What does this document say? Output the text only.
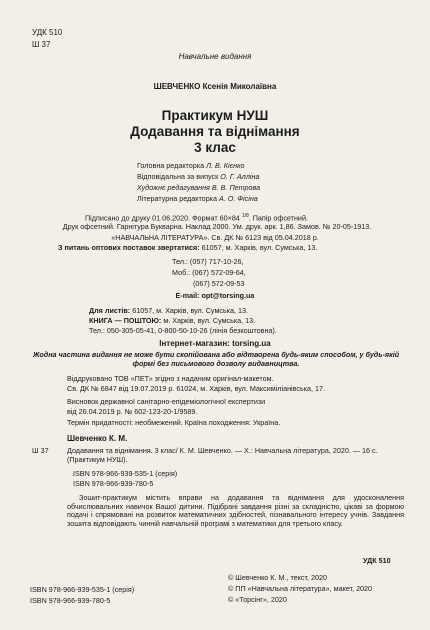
УДК 510
Ш 37
Навчальне видання
ШЕВЧЕНКО Ксенія Миколаївна
Практикум НУШ
Додавання та віднімання
3 клас
Головна редакторка Л. В. Кієнко
Відповідальна за випуск О. Г. Алліна
Художнє редагування В. В. Петрова
Літературна редакторка А. О. Фісіна
Підписано до друку 01.06.2020. Формат 60×84 $^{1/8}$. Папір офсетний.
Друк офсетний. Гарнітура Букварна. Наклад 2000. Ум. друк. арк. 1,86. Замов. № 20-05-1913.
«НАВЧАЛЬНА ЛІТЕРАТУРА». Св. ДК № 6123 від 05.04.2018 р.
З питань оптових поставок звертатися: 61057, м. Харків, вул. Сумська, 13.
Тел.: (057) 717-10-26,
Моб.: (067) 572-09-64,
(067) 572-09-53
E-mail: opt@torsing.ua
Для листів: 61057, м. Харків, вул. Сумська, 13.
КНИГА — ПОШТОЮ: м. Харків, вул. Сумська, 13.
Тел.: 050-305-05-41, 0-800-50-10-26 (лінія безкоштовна).
Інтернет-магазин: torsing.ua
Жодна частина видання не може бути скопійована або відтворена будь-яким способом, у будь-якій формі без письмового дозволу видавництва.
Віддруковано ТОВ «ПЕТ» згідно з наданим оригінал-макетом.
Св. ДК № 6847 від 19.07.2019 р. 61024, м. Харків, вул. Максиміліанівська, 17.
Висновок державної санітарно-епідеміологічної експертизи
від 26.04.2019 р. № 602-123-20-1/9589.
Термін придатності: необмежений. Країна походження: Україна.
Шевченко К. М.
Ш 37	Додавання та віднімання. 3 клас/ К. М. Шевченко. — Х.: Навчальна література, 2020. — 16 с. (Практикум НУШ).
ISBN 978-966-939-535-1 (серія)
ISBN 978-966-939-780-5
Зошит-практикум містить вправи на додавання та віднімання для удосконалення обчислювальних навичок Вашої дитини. Підібрані завдання різні за складністю, цікаві за формою подачі і спрямовані на розвиток математичних здібностей, пізнавального інтересу учнів. Завдання зошита відповідають чинній навчальній програмі з математики для третього класу.
УДК 510
ISBN 978-966-939-535-1 (серія)
ISBN 978-966-939-780-5
© Шевченко К. М., текст, 2020
© ПП «Навчальна література», макет, 2020
© «Торсінг», 2020
